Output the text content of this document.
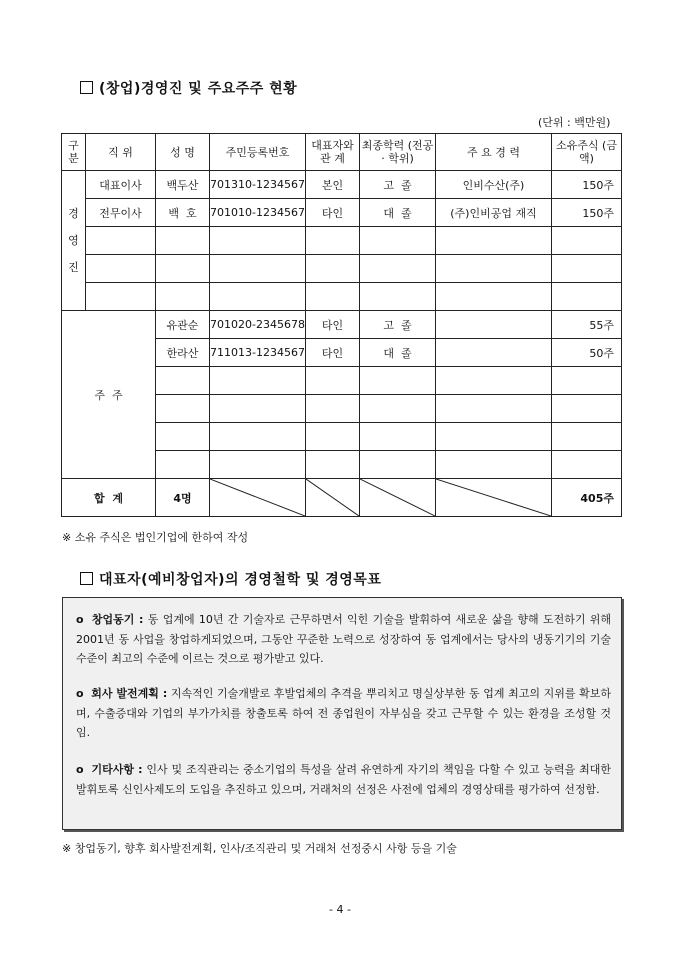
(창업)경영진 및 주요주주 현황
(단위 : 백만원)
구분	직 위	성 명	주민등록번호	대표자와 관 계	최종학력 (전공 · 학위)	주 요 경 력	소유주식 (금 액)
경 영 진	대표이사	백두산	701310-1234567	본인	고  졸	인비수산(주)	150주
	전무이사	백  호	701010-1234567	타인	대  졸	(주)인비공업 재직	150주

주  주		유관순	701020-2345678	타인	고  졸		55주
		한라산	711013-1234567	타인	대  졸		50주

합  계		4명					405주
※ 소유 주식은 법인기업에 한하여 작성
대표자(예비창업자)의 경영철학 및 경영목표
o 창업동기 : 동 업계에 10년 간 기술자로 근무하면서 익힌 기술을 발휘하여 새로운 삶을 향해 도전하기 위해 2001년 동 사업을 창업하게되었으며, 그동안 꾸준한 노력으로 성장하여 동 업계에서는 당사의 냉동기기의 기술수준이 최고의 수준에 이르는 것으로 평가받고 있다.
o 회사 발전계획 : 지속적인 기술개발로 후발업체의 추격을 뿌리치고 명실상부한 동 업계 최고의 지위를 확보하며, 수출증대와 기업의 부가가치를 창출토록 하여 전 종업원이 자부심을 갖고 근무할 수 있는 환경을 조성할 것임.
o 기타사항 : 인사 및 조직관리는 중소기업의 특성을 살려 유연하게 자기의 책임을 다할 수 있고 능력을 최대한 발휘토록 신인사제도의 도입을 추진하고 있으며, 거래처의 선정은 사전에 업체의 경영상태를 평가하여 선정함.
※ 창업동기, 향후 회사발전계획, 인사/조직관리 및 거래처 선정중시 사항 등을 기술
- 4 -
